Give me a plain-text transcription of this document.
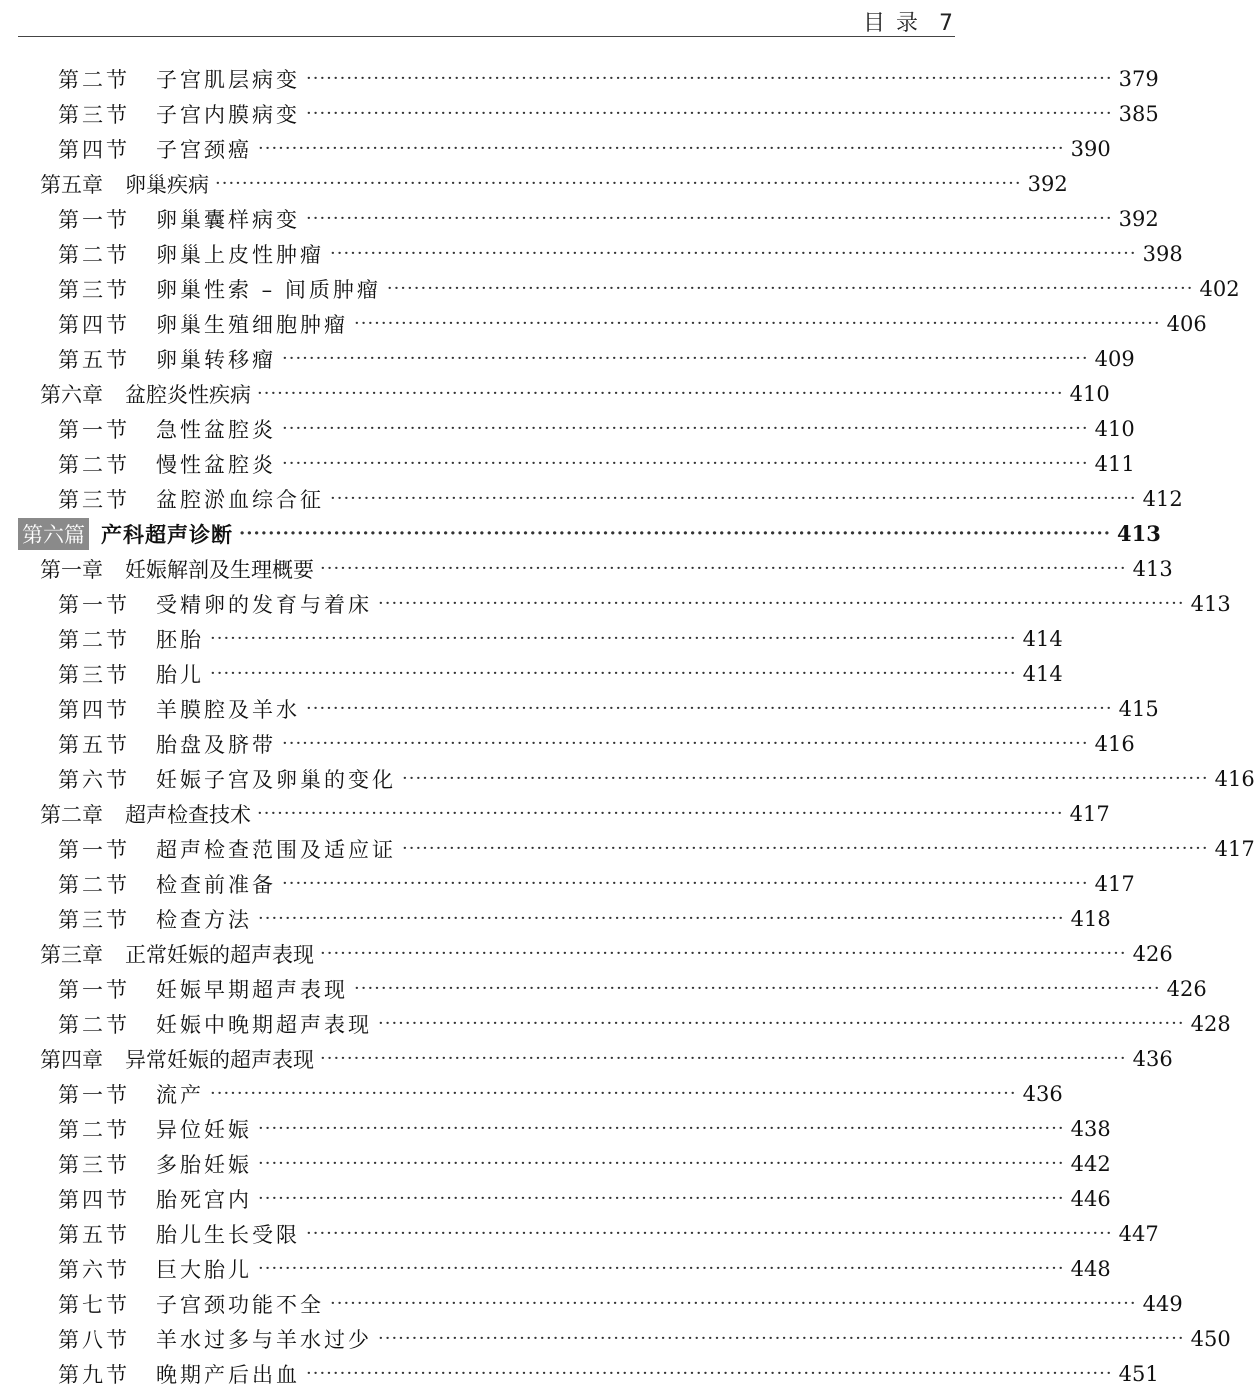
目 录 7
第二节 子宫肌层病变 ························································································································ 379
第三节 子宫内膜病变 ························································································································ 385
第四节 子宫颈癌 ························································································································ 390
第五章 卵巢疾病 ························································································································ 392
第一节 卵巢囊样病变 ························································································································ 392
第二节 卵巢上皮性肿瘤 ························································································································ 398
第三节 卵巢性索 – 间质肿瘤 ························································································································ 402
第四节 卵巢生殖细胞肿瘤 ························································································································ 406
第五节 卵巢转移瘤 ························································································································ 409
第六章 盆腔炎性疾病 ························································································································ 410
第一节 急性盆腔炎 ························································································································ 410
第二节 慢性盆腔炎 ························································································································ 411
第三节 盆腔淤血综合征 ························································································································ 412
第六篇 产科超声诊断 ························································································································ 413
第一章 妊娠解剖及生理概要 ························································································································ 413
第一节 受精卵的发育与着床 ························································································································ 413
第二节 胚胎 ························································································································ 414
第三节 胎儿 ························································································································ 414
第四节 羊膜腔及羊水 ························································································································ 415
第五节 胎盘及脐带 ························································································································ 416
第六节 妊娠子宫及卵巢的变化 ························································································································ 416
第二章 超声检查技术 ························································································································ 417
第一节 超声检查范围及适应证 ························································································································ 417
第二节 检查前准备 ························································································································ 417
第三节 检查方法 ························································································································ 418
第三章 正常妊娠的超声表现 ························································································································ 426
第一节 妊娠早期超声表现 ························································································································ 426
第二节 妊娠中晚期超声表现 ························································································································ 428
第四章 异常妊娠的超声表现 ························································································································ 436
第一节 流产 ························································································································ 436
第二节 异位妊娠 ························································································································ 438
第三节 多胎妊娠 ························································································································ 442
第四节 胎死宫内 ························································································································ 446
第五节 胎儿生长受限 ························································································································ 447
第六节 巨大胎儿 ························································································································ 448
第七节 子宫颈功能不全 ························································································································ 449
第八节 羊水过多与羊水过少 ························································································································ 450
第九节 晚期产后出血 ························································································································ 451
